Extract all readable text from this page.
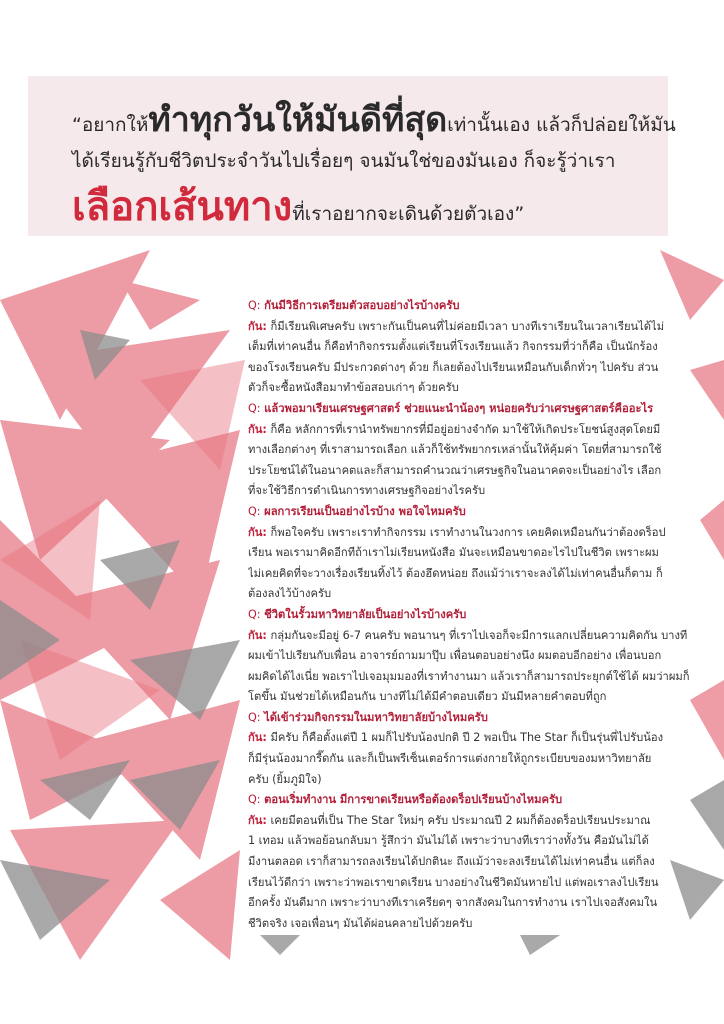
“อยากให้ทำทุกวันให้มันดีที่สุดเท่านั้นเอง แล้วก็ปล่อยให้มัน
ได้เรียนรู้กับชีวิตประจำวันไปเรื่อยๆ จนมันใช่ของมันเอง ก็จะรู้ว่าเรา
เลือกเส้นทางที่เราอยากจะเดินด้วยตัวเอง”
Q: กันมีวิธีการเตรียมตัวสอบอย่างไรบ้างครับ
กัน: ก็มีเรียนพิเศษครับ เพราะกันเป็นคนที่ไม่ค่อยมีเวลา บางทีเราเรียนในเวลาเรียนได้ไม่
เต็มที่เท่าคนอื่น ก็คือทำกิจกรรมตั้งแต่เรียนที่โรงเรียนแล้ว กิจกรรมที่ว่าก็คือ เป็นนักร้อง
ของโรงเรียนครับ มีประกวดต่างๆ ด้วย ก็เลยต้องไปเรียนเหมือนกับเด็กทั่วๆ ไปครับ ส่วน
ตัวก็จะซื้อหนังสือมาทำข้อสอบเก่าๆ ด้วยครับ
Q: แล้วพอมาเรียนเศรษฐศาสตร์ ช่วยแนะนำน้องๆ หน่อยครับว่าเศรษฐศาสตร์คืออะไร
กัน: ก็คือ หลักการที่เรานำทรัพยากรที่มีอยู่อย่างจำกัด มาใช้ให้เกิดประโยชน์สูงสุดโดยมี
ทางเลือกต่างๆ ที่เราสามารถเลือก แล้วก็ใช้ทรัพยากรเหล่านั้นให้คุ้มค่า โดยที่สามารถใช้
ประโยชน์ได้ในอนาคตและก็สามารถคำนวณว่าเศรษฐกิจในอนาคตจะเป็นอย่างไร เลือก
ที่จะใช้วิธีการดำเนินการทางเศรษฐกิจอย่างไรครับ
Q: ผลการเรียนเป็นอย่างไรบ้าง พอใจไหมครับ
กัน: ก็พอใจครับ เพราะเราทำกิจกรรม เราทำงานในวงการ เคยคิดเหมือนกันว่าต้องดร็อป
เรียน พอเรามาคิดอีกทีถ้าเราไม่เรียนหนังสือ มันจะเหมือนขาดอะไรไปในชีวิต เพราะผม
ไม่เคยคิดที่จะวางเรื่องเรียนทิ้งไว้ ต้องฮึดหน่อย ถึงแม้ว่าเราจะลงได้ไม่เท่าคนอื่นก็ตาม ก็
ต้องลงไว้บ้างครับ
Q: ชีวิตในรั้วมหาวิทยาลัยเป็นอย่างไรบ้างครับ
กัน: กลุ่มกันจะมีอยู่ 6-7 คนครับ พอนานๆ ที่เราไปเจอก็จะมีการแลกเปลี่ยนความคิดกัน บางที
ผมเข้าไปเรียนกับเพื่อน อาจารย์ถามมาปุ๊บ เพื่อนตอบอย่างนึง ผมตอบอีกอย่าง เพื่อนบอก
ผมคิดได้ไงเนี่ย พอเราไปเจอมุมมองที่เราทำงานมา แล้วเราก็สามารถประยุกต์ใช้ได้ ผมว่าผมก็
โตขึ้น มันช่วยได้เหมือนกัน บางทีไม่ได้มีคำตอบเดียว มันมีหลายคำตอบที่ถูก
Q: ได้เข้าร่วมกิจกรรมในมหาวิทยาลัยบ้างไหมครับ
กัน: มีครับ ก็คือตั้งแต่ปี 1 ผมก็ไปรับน้องปกติ ปี 2 พอเป็น The Star ก็เป็นรุ่นพี่ไปรับน้อง
ก็มีรุ่นน้องมากรี๊ดกัน และก็เป็นพรีเซ็นเตอร์การแต่งกายให้ถูกระเบียบของมหาวิทยาลัย
ครับ (ยิ้มภูมิใจ)
Q: ตอนเริ่มทำงาน มีการขาดเรียนหรือต้องดร็อปเรียนบ้างไหมครับ
กัน: เคยมีตอนที่เป็น The Star ใหม่ๆ ครับ ประมาณปี 2 ผมก็ต้องดร็อปเรียนประมาณ
1 เทอม แล้วพอย้อนกลับมา รู้สึกว่า มันไม่ได้ เพราะว่าบางทีเราว่างทั้งวัน คือมันไม่ได้
มีงานตลอด เราก็สามารถลงเรียนได้ปกตินะ ถึงแม้ว่าจะลงเรียนได้ไม่เท่าคนอื่น แต่ก็ลง
เรียนไว้ดีกว่า เพราะว่าพอเราขาดเรียน บางอย่างในชีวิตมันหายไป แต่พอเราลงไปเรียน
อีกครั้ง มันดีมาก เพราะว่าบางทีเราเครียดๆ จากสังคมในการทำงาน เราไปเจอสังคมใน
ชีวิตจริง เจอเพื่อนๆ มันได้ผ่อนคลายไปด้วยครับ
